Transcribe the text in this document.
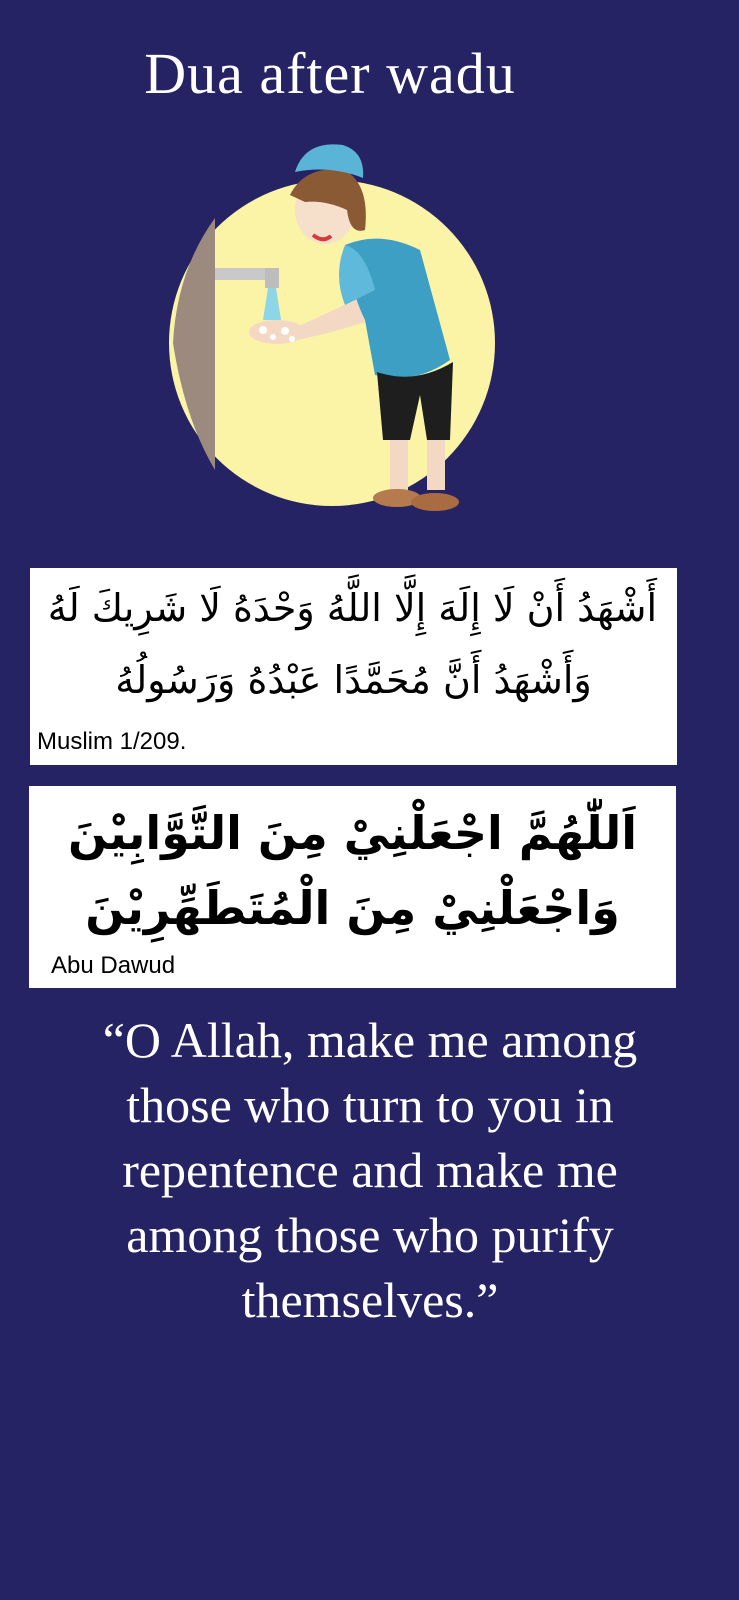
Dua after wadu
أَشْهَدُ أَنْ لَا إِلَهَ إِلَّا اللَّهُ وَحْدَهُ لَا شَرِيكَ لَهُ
وَأَشْهَدُ أَنَّ مُحَمَّدًا عَبْدُهُ وَرَسُولُهُ
Muslim 1/209.
اَللّٰهُمَّ اجْعَلْنِيْ مِنَ التَّوَّابِيْنَ
وَاجْعَلْنِيْ مِنَ الْمُتَطَهِّرِيْنَ
Abu Dawud
“O Allah, make me among
those who turn to you in
repentence and make me
among those who purify
themselves.”
